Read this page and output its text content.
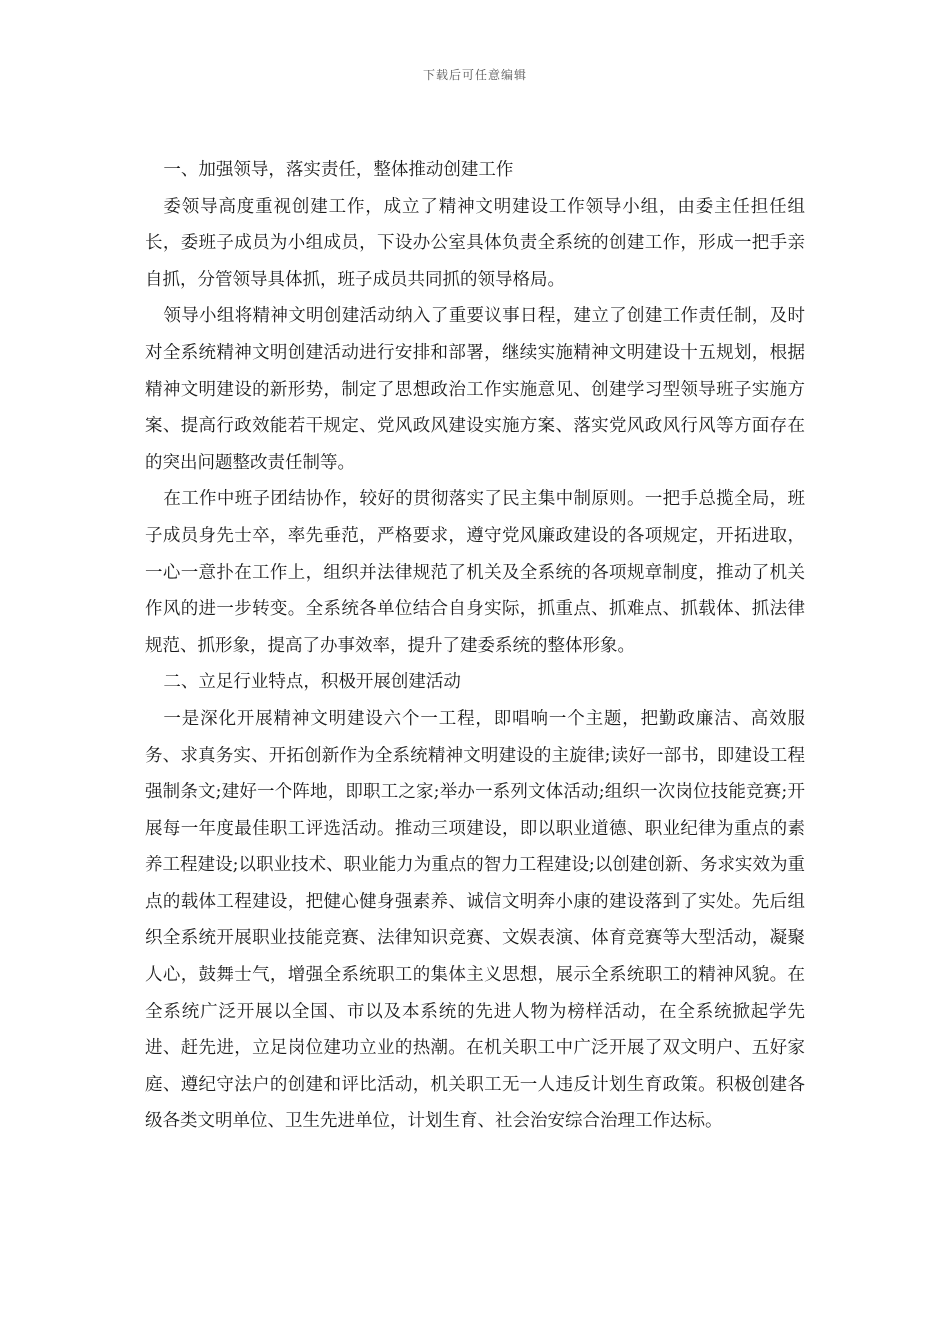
下载后可任意编辑

一、加强领导，落实责任，整体推动创建工作

委领导高度重视创建工作，成立了精神文明建设工作领导小组，由委主任担任组长，委班子成员为小组成员，下设办公室具体负责全系统的创建工作，形成一把手亲自抓，分管领导具体抓，班子成员共同抓的领导格局。

领导小组将精神文明创建活动纳入了重要议事日程，建立了创建工作责任制，及时对全系统精神文明创建活动进行安排和部署，继续实施精神文明建设十五规划，根据精神文明建设的新形势，制定了思想政治工作实施意见、创建学习型领导班子实施方案、提高行政效能若干规定、党风政风建设实施方案、落实党风政风行风等方面存在的突出问题整改责任制等。

在工作中班子团结协作，较好的贯彻落实了民主集中制原则。一把手总揽全局，班子成员身先士卒，率先垂范，严格要求，遵守党风廉政建设的各项规定，开拓进取，一心一意扑在工作上，组织并法律规范了机关及全系统的各项规章制度，推动了机关作风的进一步转变。全系统各单位结合自身实际，抓重点、抓难点、抓载体、抓法律规范、抓形象，提高了办事效率，提升了建委系统的整体形象。

二、立足行业特点，积极开展创建活动

一是深化开展精神文明建设六个一工程，即唱响一个主题，把勤政廉洁、高效服务、求真务实、开拓创新作为全系统精神文明建设的主旋律;读好一部书，即建设工程强制条文;建好一个阵地，即职工之家;举办一系列文体活动;组织一次岗位技能竞赛;开展每一年度最佳职工评选活动。推动三项建设，即以职业道德、职业纪律为重点的素养工程建设;以职业技术、职业能力为重点的智力工程建设;以创建创新、务求实效为重点的载体工程建设，把健心健身强素养、诚信文明奔小康的建设落到了实处。先后组织全系统开展职业技能竞赛、法律知识竞赛、文娱表演、体育竞赛等大型活动，凝聚人心，鼓舞士气，增强全系统职工的集体主义思想，展示全系统职工的精神风貌。在全系统广泛开展以全国、市以及本系统的先进人物为榜样活动，在全系统掀起学先进、赶先进，立足岗位建功立业的热潮。在机关职工中广泛开展了双文明户、五好家庭、遵纪守法户的创建和评比活动，机关职工无一人违反计划生育政策。积极创建各级各类文明单位、卫生先进单位，计划生育、社会治安综合治理工作达标。
